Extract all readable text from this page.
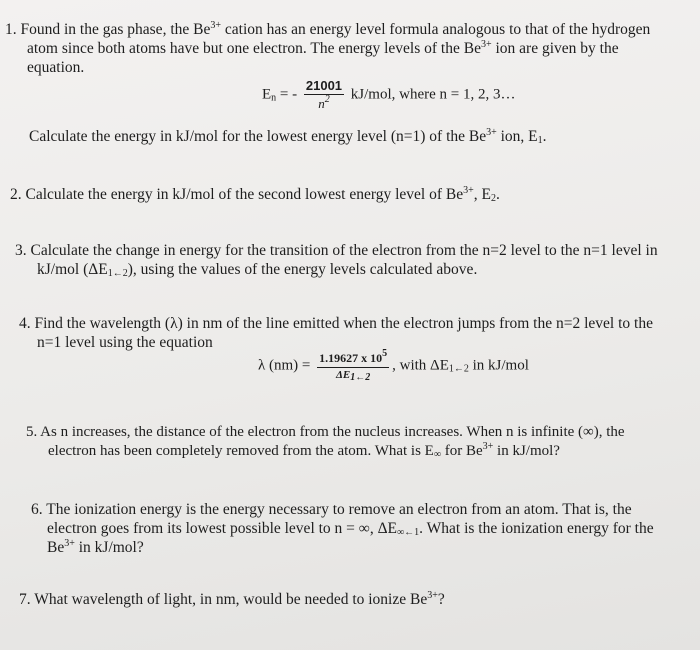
1. Found in the gas phase, the $Be^{3+}$ cation has an energy level formula analogous to that of the hydrogen

atom since both atoms have but one electron. The energy levels of the $Be^{3+}$ ion are given by the

equation.

$E_n$ = - $\frac{21001}{n^2} kJ/mol$, where n = 1, 2, 3…

Calculate the energy in kJ/mol for the lowest energy level (n=1) of the $Be^{3+}$ ion, $E_1$.

2. Calculate the energy in kJ/mol of the second lowest energy level of $Be^{3+}$, $E_2$.

3. Calculate the change in energy for the transition of the electron from the n=2 level to the n=1 level in

kJ/mol $(\Delta E_{1\leftarrow 2})$, using the values of the energy levels calculated above.

4. Find the wavelength (λ) in nm of the line emitted when the electron jumps from the n=2 level to the

n=1 level using the equation

λ $(nm) = \frac{1.19627 x 10^5}{\Delta E_{1\leftarrow 2}}$ , with $\Delta E_{1\leftarrow 2}$ in kJ/mol

5. As n increases, the distance of the electron from the nucleus increases. When n is infinite (∞), the

electron has been completely removed from the atom. What is $E_\infty$ for $Be^{3+}$ in kJ/mol?

6. The ionization energy is the energy necessary to remove an electron from an atom. That is, the

electron goes from its lowest possible level to n = ∞, $\Delta E_{\infty\leftarrow 1}$. What is the ionization energy for the

$Be^{3+}$ in kJ/mol?

7. What wavelength of light, in nm, would be needed to ionize $Be^{3+}$?
